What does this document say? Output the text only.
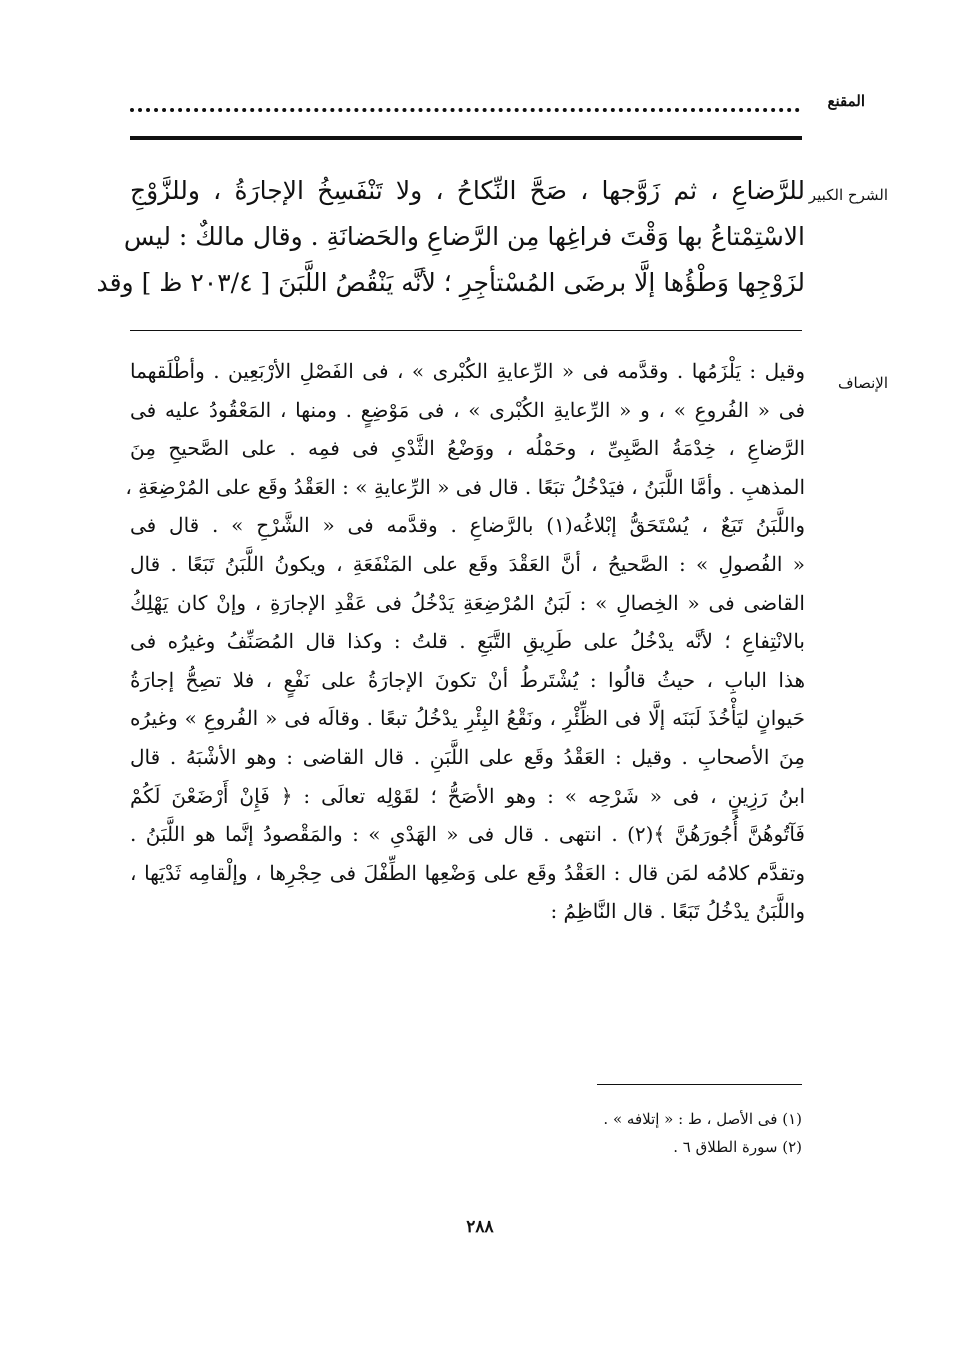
المقنع
الشرح الكبير
للرَّضاعِ ، ثم زَوَّجها ، صَحَّ النِّكاحُ ، ولا تَنْفَسِخُ الإجارَةُ ، وللزَّوْجِ
الاسْتِمْتاعُ بها وَقْتَ فراغِها مِن الرَّضاعِ والحَضانَةِ . وقال مالكٌ : ليس
لزَوْجِها وَطْؤُها إلَّا برضَى المُسْتأجِرِ ؛ لأنَّه يَنْقُصُ اللَّبَنَ [ ٢٠٣/٤ ظ ] وقد
الإنصاف
وقيل : يَلْزَمُها . وقدَّمه فى « الرِّعايةِ الكُبْرى » ، فى الفَصْلِ الأرْبَعِين . وأطْلَقهما
فى « الفُروعِ » ، و « الرِّعايةِ الكُبْرى » ، فى مَوْضِعٍ . ومنها ، المَعْقُودُ عليه فى
الرَّضاعِ ، خِدْمَةُ الصَّبِىِّ ، وحَمْلُه ، ووَضْعُ الثَّدْىِ فى فمِه . على الصَّحيحِ مِنَ
المذهبِ . وأمَّا اللَّبَنُ ، فيَدْخُلُ تبَعًا . قال فى « الرِّعايةِ » : العَقْدُ وقَع على المُرْضِعَةِ ،
واللَّبَنُ تَبَعٌ ، يُسْتَحَقُّ إبْلاغُه(١) بالرَّضاعِ . وقدَّمه فى « الشَّرْحِ » . قال فى
« الفُصولِ » : الصَّحيحُ ، أنَّ العَقْدَ وقَع على المَنْفَعَةِ ، ويكونُ اللَّبَنُ تَبَعًا . قال
القاضى فى « الخِصالِ » : لَبَنُ المُرْضِعَةِ يَدْخُلُ فى عَقْدِ الإجارَةِ ، وإنْ كان يَهْلِكُ
بالانْتِفاعِ ؛ لأنَّه يدْخُلُ على طَرِيقِ التَّبَعِ . قلتُ : وكذا قال المُصَنِّفُ وغيرُه فى
هذا البابِ ، حيثُ قالُوا : يُشْتَرطُ أنْ تكونَ الإجارَةُ على نَفْعٍ ، فلا تصِحُّ إجارَةُ
حَيوانٍ ليَأْخُذَ لَبَنَه إلَّا فى الظِّئْرِ ، ونَقْعُ البِئْرِ يدْخُلُ تبعًا . وقالَه فى « الفُروعِ » وغيرُه
مِنَ الأصحابِ . وقيل : العَقْدُ وقَع على اللَّبَنِ . قال القاضى : وهو الأشْبَهُ . قال
ابنُ رَزِينٍ ، فى « شَرْحِه » : وهو الأصَحُّ ؛ لقَوْلِه تعالَى : ﴿ فَإِنْ أَرْضَعْنَ لَكُمْ
فَآتُوهُنَّ أُجُورَهُنَّ ﴾(٢) . انتهى . قال فى « الهَدْىِ » : والمَقْصودُ إنَّما هو اللَّبَنُ .
وتقدَّم كلامُه لمَن قال : العَقْدُ وقَع على وَضْعِها الطِّفْلَ فى حِجْرِها ، وإلْقامِه ثَدْيَها ،
واللَّبَنُ يدْخُلُ تَبَعًا . قال النَّاظِمُ :
(١) فى الأصل ، ط : « إتلافه » .
(٢) سورة الطلاق ٦ .
٢٨٨
